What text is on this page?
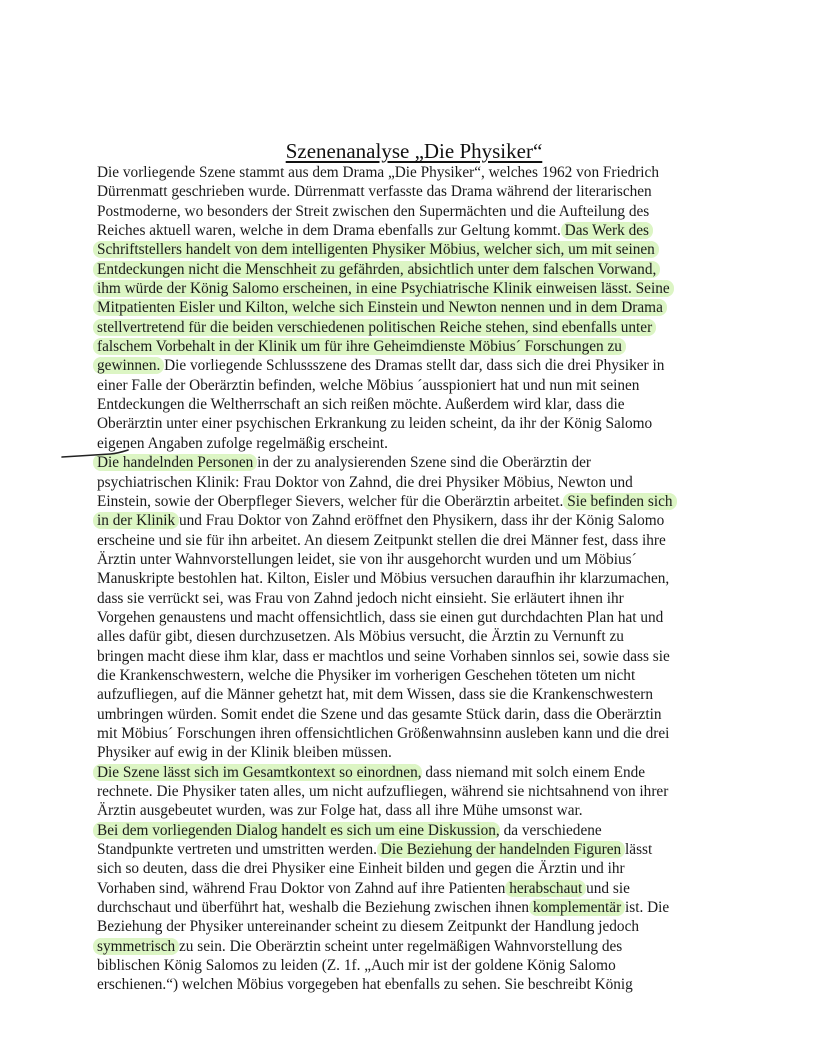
Szenenanalyse „Die Physiker“
Die vorliegende Szene stammt aus dem Drama „Die Physiker“, welches 1962 von Friedrich
Dürrenmatt geschrieben wurde. Dürrenmatt verfasste das Drama während der literarischen
Postmoderne, wo besonders der Streit zwischen den Supermächten und die Aufteilung des
Reiches aktuell waren, welche in dem Drama ebenfalls zur Geltung kommt. Das Werk des
Schriftstellers handelt von dem intelligenten Physiker Möbius, welcher sich, um mit seinen
Entdeckungen nicht die Menschheit zu gefährden, absichtlich unter dem falschen Vorwand,
ihm würde der König Salomo erscheinen, in eine Psychiatrische Klinik einweisen lässt. Seine
Mitpatienten Eisler und Kilton, welche sich Einstein und Newton nennen und in dem Drama
stellvertretend für die beiden verschiedenen politischen Reiche stehen, sind ebenfalls unter
falschem Vorbehalt in der Klinik um für ihre Geheimdienste Möbius´ Forschungen zu
gewinnen. Die vorliegende Schlussszene des Dramas stellt dar, dass sich die drei Physiker in
einer Falle der Oberärztin befinden, welche Möbius ´ausspioniert hat und nun mit seinen
Entdeckungen die Weltherrschaft an sich reißen möchte. Außerdem wird klar, dass die
Oberärztin unter einer psychischen Erkrankung zu leiden scheint, da ihr der König Salomo
eigenen Angaben zufolge regelmäßig erscheint.
Die handelnden Personen in der zu analysierenden Szene sind die Oberärztin der
psychiatrischen Klinik: Frau Doktor von Zahnd, die drei Physiker Möbius, Newton und
Einstein, sowie der Oberpfleger Sievers, welcher für die Oberärztin arbeitet. Sie befinden sich
in der Klinik und Frau Doktor von Zahnd eröffnet den Physikern, dass ihr der König Salomo
erscheine und sie für ihn arbeitet. An diesem Zeitpunkt stellen die drei Männer fest, dass ihre
Ärztin unter Wahnvorstellungen leidet, sie von ihr ausgehorcht wurden und um Möbius´
Manuskripte bestohlen hat. Kilton, Eisler und Möbius versuchen daraufhin ihr klarzumachen,
dass sie verrückt sei, was Frau von Zahnd jedoch nicht einsieht. Sie erläutert ihnen ihr
Vorgehen genaustens und macht offensichtlich, dass sie einen gut durchdachten Plan hat und
alles dafür gibt, diesen durchzusetzen. Als Möbius versucht, die Ärztin zu Vernunft zu
bringen macht diese ihm klar, dass er machtlos und seine Vorhaben sinnlos sei, sowie dass sie
die Krankenschwestern, welche die Physiker im vorherigen Geschehen töteten um nicht
aufzufliegen, auf die Männer gehetzt hat, mit dem Wissen, dass sie die Krankenschwestern
umbringen würden. Somit endet die Szene und das gesamte Stück darin, dass die Oberärztin
mit Möbius´ Forschungen ihren offensichtlichen Größenwahnsinn ausleben kann und die drei
Physiker auf ewig in der Klinik bleiben müssen.
Die Szene lässt sich im Gesamtkontext so einordnen, dass niemand mit solch einem Ende
rechnete. Die Physiker taten alles, um nicht aufzufliegen, während sie nichtsahnend von ihrer
Ärztin ausgebeutet wurden, was zur Folge hat, dass all ihre Mühe umsonst war.
Bei dem vorliegenden Dialog handelt es sich um eine Diskussion, da verschiedene
Standpunkte vertreten und umstritten werden. Die Beziehung der handelnden Figuren lässt
sich so deuten, dass die drei Physiker eine Einheit bilden und gegen die Ärztin und ihr
Vorhaben sind, während Frau Doktor von Zahnd auf ihre Patienten herabschaut und sie
durchschaut und überführt hat, weshalb die Beziehung zwischen ihnen komplementär ist. Die
Beziehung der Physiker untereinander scheint zu diesem Zeitpunkt der Handlung jedoch
symmetrisch zu sein. Die Oberärztin scheint unter regelmäßigen Wahnvorstellung des
biblischen König Salomos zu leiden (Z. 1f. „Auch mir ist der goldene König Salomo
erschienen.“) welchen Möbius vorgegeben hat ebenfalls zu sehen. Sie beschreibt König
